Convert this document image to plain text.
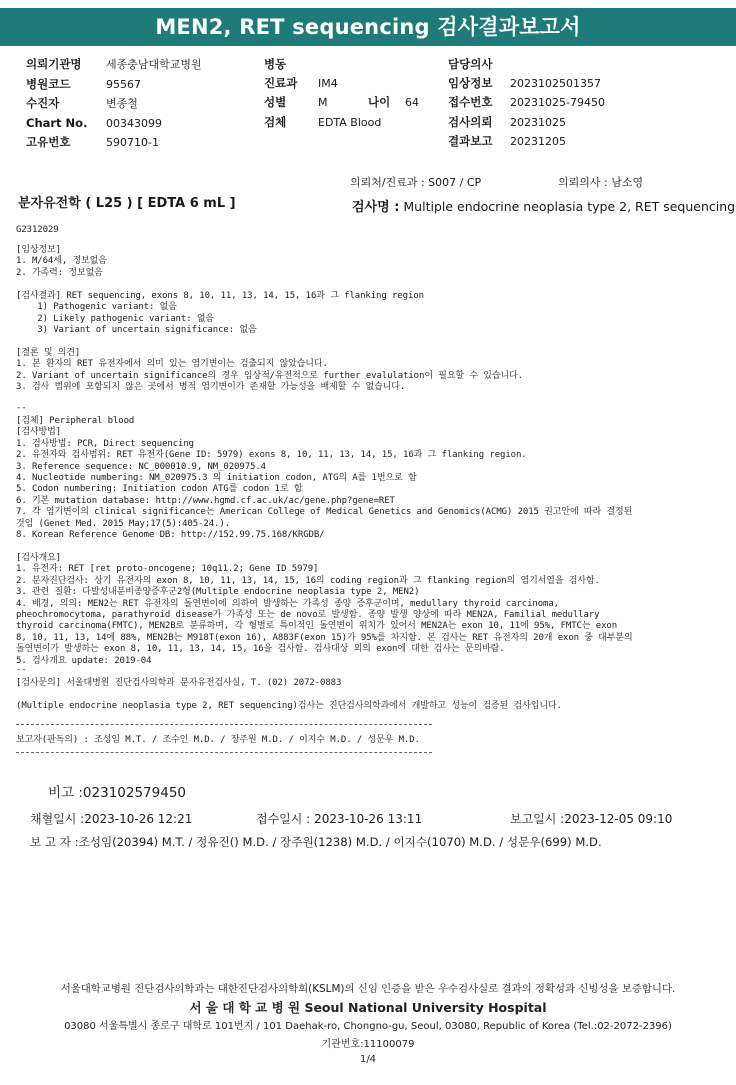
MEN2, RET sequencing 검사결과보고서
의뢰기관명 세종충남대학교병원
병원코드	95567
수진자	변종철
Chart No. 00343099
고유번호	590710-1
병동
진료과 IM4
성별	M	나이 64
검체	EDTA Blood
담당의사
임상정보 2023102501357
접수번호 20231025-79450
검사의뢰 20231025
결과보고 20231205
의뢰처/진료과 : S007 / CP	의뢰의사 : 남소영
분자유전학 ( L25 ) [ EDTA 6 mL ]	검사명 : Multiple endocrine neoplasia type 2, RET sequencing
G2312029
[임상정보]
1. M/64세, 정보없음
2. 가족력: 정보없음
[검사결과] RET sequencing, exons 8, 10, 11, 13, 14, 15, 16과 그 flanking region
1) Pathogenic variant: 없음
2) Likely pathogenic variant: 없음
3) Variant of uncertain significance: 없음
[결론 및 의견]
1. 본 환자의 RET 유전자에서 의미 있는 염기변이는 검출되지 않았습니다.
2. Variant of uncertain significance의 경우 임상적/유전적으로 further evalulation이 필요할 수 있습니다.
3. 검사 범위에 포함되지 않은 곳에서 병적 염기변이가 존재할 가능성을 배제할 수 없습니다.
--
[검체] Peripheral blood
[검사방법]
1. 검사방법: PCR, Direct sequencing
2. 유전자와 검사범위: RET 유전자(Gene ID: 5979) exons 8, 10, 11, 13, 14, 15, 16과 그 flanking region.
3. Reference sequence: NC_000010.9, NM_020975.4
4. Nucleotide numbering: NM_020975.3 의 initiation codon, ATG의 A를 1번으로 함
5. Codon numbering: Initiation codon ATG를 codon 1로 함
6. 기본 mutation database: http://www.hgmd.cf.ac.uk/ac/gene.php?gene=RET
7. 각 염기변이의 clinical significance는 American College of Medical Genetics and Genomics(ACMG) 2015 권고안에 따라 결정된
것임 (Genet Med. 2015 May;17(5):405-24.).
8. Korean Reference Genome DB: http://152.99.75.168/KRGDB/
[검사개요]
1. 유전자: RET [ret proto-oncogene; 10q11.2; Gene ID 5979]
2. 분자진단검사: 상기 유전자의 exon 8, 10, 11, 13, 14, 15, 16의 coding region과 그 flanking region의 염기서열을 검사함.
3. 관련 질환: 다발성내분비종양증후군2형(Multiple endocrine neoplasia type 2, MEN2)
4. 배경, 의의: MEN2는 RET 유전자의 돌연변이에 의하여 발생하는 가족성 종양 증후군이며, medullary thyroid carcinoma,
pheochromocytoma, parathyroid disease가 가족성 또는 de novo로 발생함. 종양 발생 양상에 따라 MEN2A, Familial medullary
thyroid carcinoma(FMTC), MEN2B로 분류하며, 각 형별로 특이적인 돌연변이 위치가 있어서 MEN2A는 exon 10, 11에 95%, FMTC는 exon
8, 10, 11, 13, 14에 88%, MEN2B는 M918T(exon 16), A883F(exon 15)가 95%를 차지함. 본 검사는 RET 유전자의 20개 exon 중 대부분의
돌연변이가 발생하는 exon 8, 10, 11, 13, 14, 15, 16을 검사함. 검사대상 외의 exon에 대한 검사는 문의바람.
5. 검사개요 update: 2019-04
--
[검사문의] 서울대병원 진단검사의학과 분자유전검사실, T. (02) 2072-0883
(Multiple endocrine neoplasia type 2, RET sequencing)검사는 진단검사의학과에서 개발하고 성능이 검증된 검사입니다.
보고자(판독의) : 조성임 M.T. / 조수인 M.D. / 장주원 M.D. / 이지수 M.D. / 성문우 M.D.
비고 :023102579450
채혈일시 :2023-10-26 12:21	접수일시 : 2023-10-26 13:11	보고일시 :2023-12-05 09:10
보 고 자 :조성임(20394) M.T. / 정유진() M.D. / 장주원(1238) M.D. / 이지수(1070) M.D. / 성문우(699) M.D.
서울대학교병원 진단검사의학과는 대한진단검사의학회(KSLM)의 신임 인증을 받은 우수검사실로 결과의 정확성과 신빙성을 보증합니다.
서 울 대 학 교 병 원 Seoul National University Hospital
03080 서울특별시 종로구 대학로 101번지 / 101 Daehak-ro, Chongno-gu, Seoul, 03080, Republic of Korea (Tel.:02-2072-2396)
기관번호:11100079
1/4
